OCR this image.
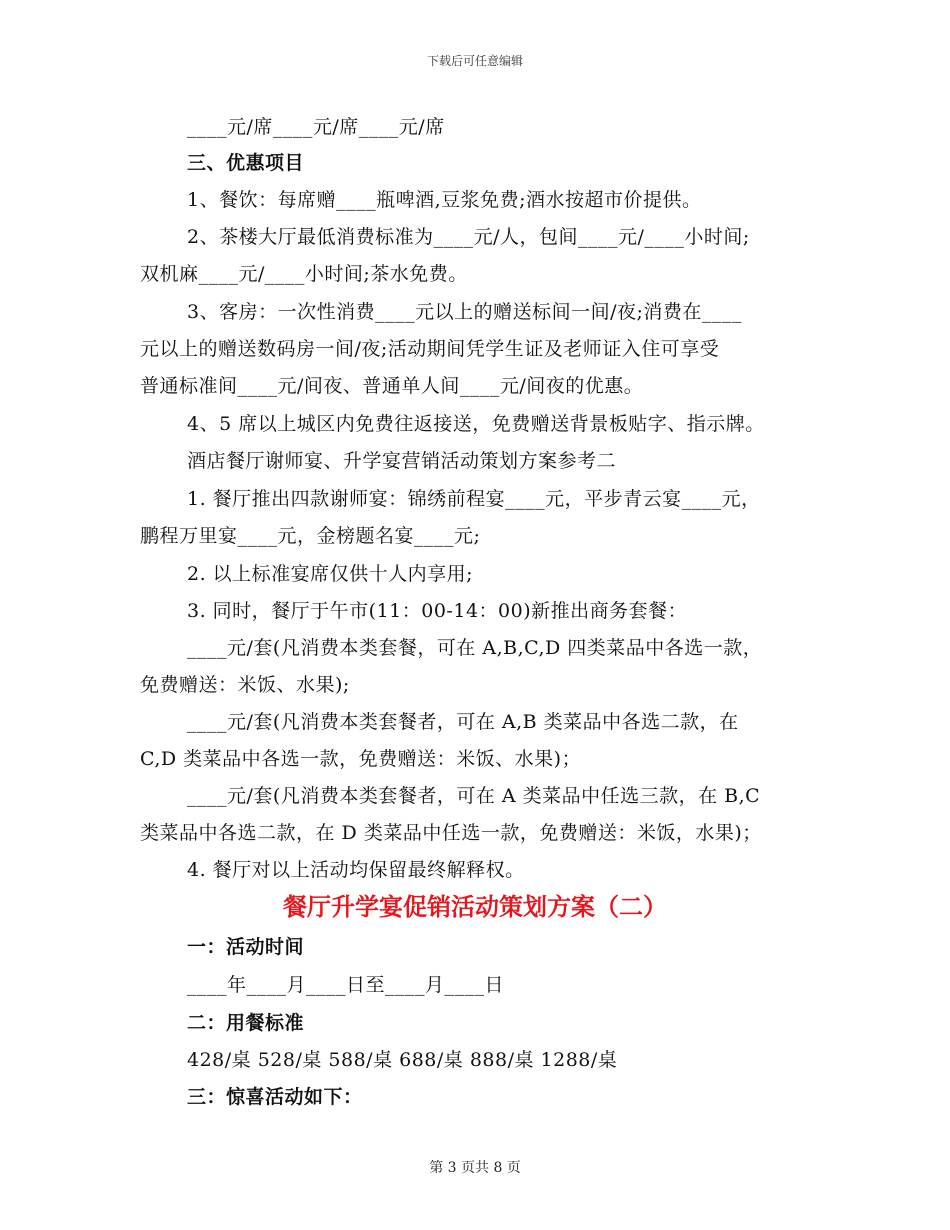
下载后可任意编辑
____元/席____元/席____元/席
三、优惠项目
1、餐饮：每席赠____瓶啤酒,豆浆免费;酒水按超市价提供。
2、茶楼大厅最低消费标准为____元/人，包间____元/____小时间;
双机麻____元/____小时间;茶水免费。
3、客房：一次性消费____元以上的赠送标间一间/夜;消费在____
元以上的赠送数码房一间/夜;活动期间凭学生证及老师证入住可享受
普通标准间____元/间夜、普通单人间____元/间夜的优惠。
4、5 席以上城区内免费往返接送，免费赠送背景板贴字、指示牌。
酒店餐厅谢师宴、升学宴营销活动策划方案参考二
1. 餐厅推出四款谢师宴：锦绣前程宴____元，平步青云宴____元，
鹏程万里宴____元，金榜题名宴____元;
2. 以上标准宴席仅供十人内享用;
3. 同时，餐厅于午市(11：00-14：00)新推出商务套餐：
____元/套(凡消费本类套餐，可在 A,B,C,D 四类菜品中各选一款，
免费赠送：米饭、水果);
____元/套(凡消费本类套餐者，可在 A,B 类菜品中各选二款，在
C,D 类菜品中各选一款，免费赠送：米饭、水果)；
____元/套(凡消费本类套餐者，可在 A 类菜品中任选三款，在 B,C
类菜品中各选二款，在 D 类菜品中任选一款，免费赠送：米饭，水果)；
4. 餐厅对以上活动均保留最终解释权。
餐厅升学宴促销活动策划方案（二）
一：活动时间
____年____月____日至____月____日
二：用餐标准
428/桌 528/桌 588/桌 688/桌 888/桌 1288/桌
三：惊喜活动如下：
第 3 页共 8 页
